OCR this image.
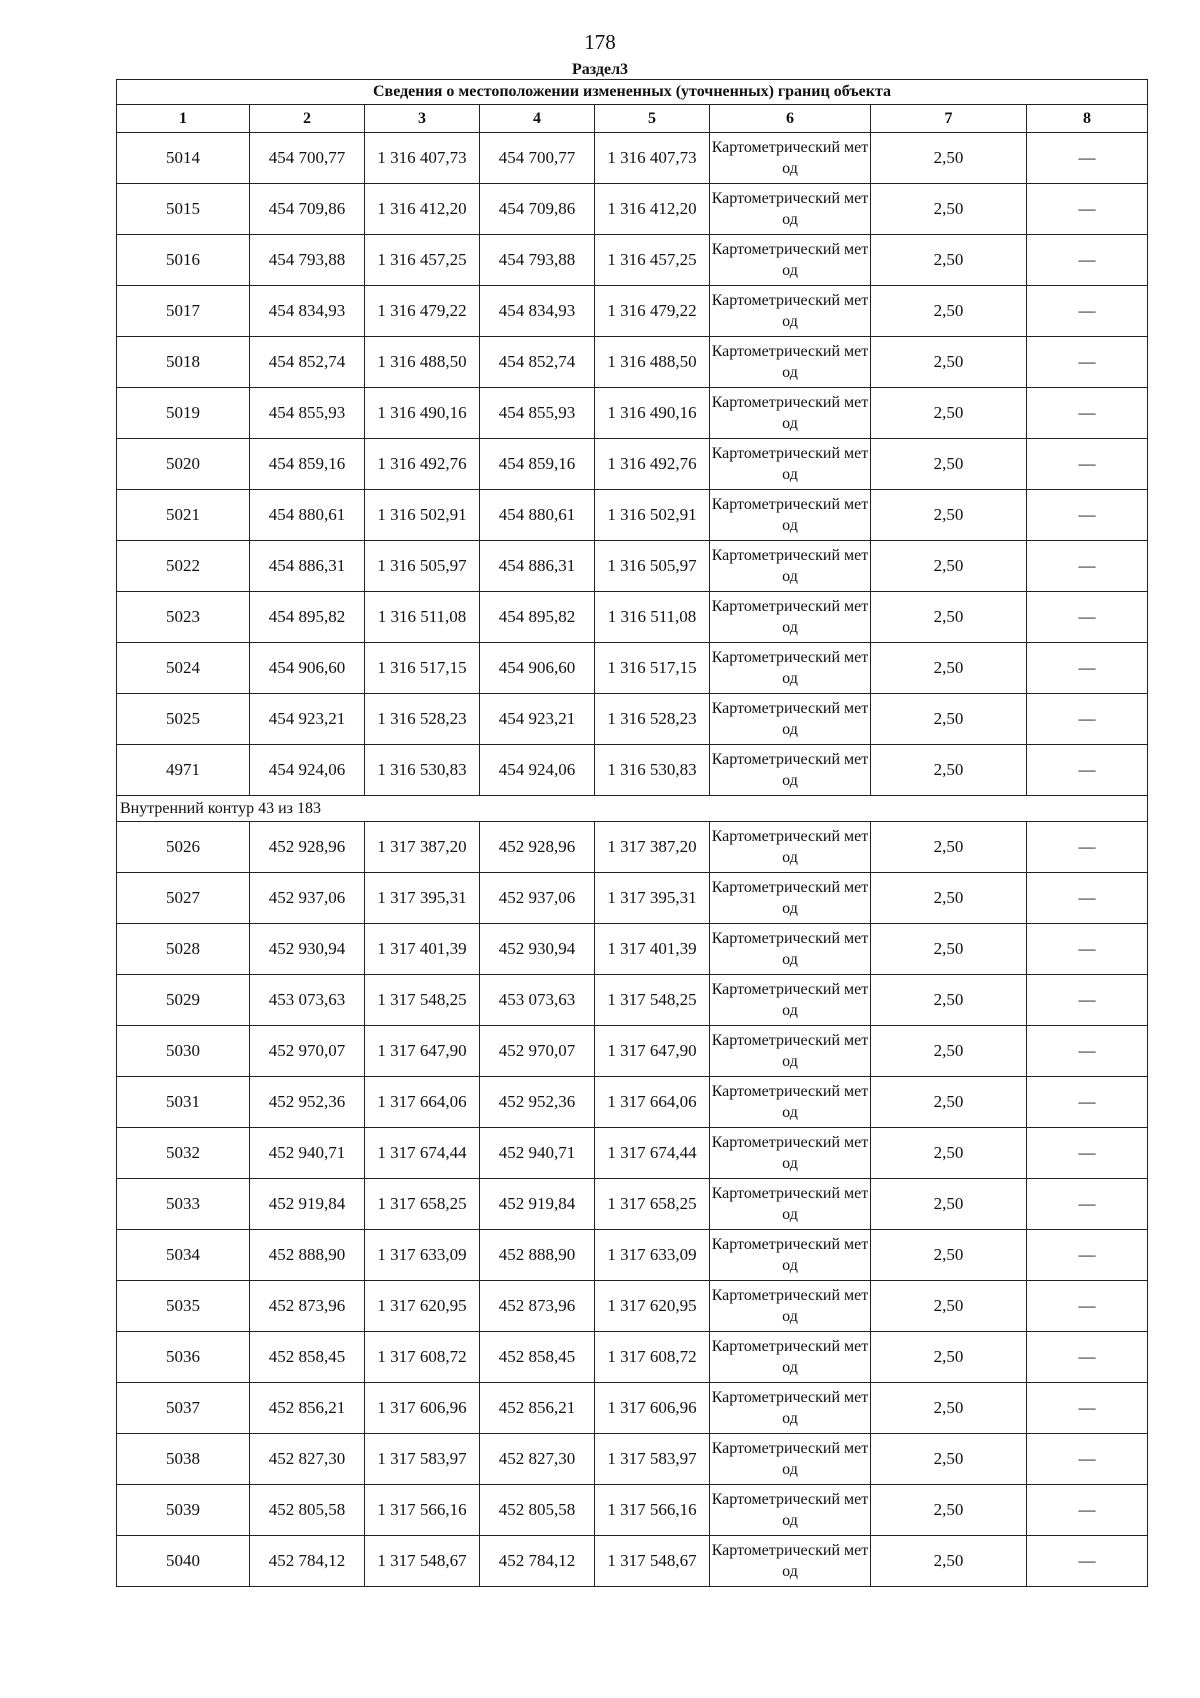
178
Раздел3
Сведения о местоположении измененных (уточненных) границ объекта							
1	2	3	4	5	6	7	8
5014	454 700,77	1 316 407,73	454 700,77	1 316 407,73	Картометрический метод	2,50	—
5015	454 709,86	1 316 412,20	454 709,86	1 316 412,20	Картометрический метод	2,50	—
5016	454 793,88	1 316 457,25	454 793,88	1 316 457,25	Картометрический метод	2,50	—
5017	454 834,93	1 316 479,22	454 834,93	1 316 479,22	Картометрический метод	2,50	—
5018	454 852,74	1 316 488,50	454 852,74	1 316 488,50	Картометрический метод	2,50	—
5019	454 855,93	1 316 490,16	454 855,93	1 316 490,16	Картометрический метод	2,50	—
5020	454 859,16	1 316 492,76	454 859,16	1 316 492,76	Картометрический метод	2,50	—
5021	454 880,61	1 316 502,91	454 880,61	1 316 502,91	Картометрический метод	2,50	—
5022	454 886,31	1 316 505,97	454 886,31	1 316 505,97	Картометрический метод	2,50	—
5023	454 895,82	1 316 511,08	454 895,82	1 316 511,08	Картометрический метод	2,50	—
5024	454 906,60	1 316 517,15	454 906,60	1 316 517,15	Картометрический метод	2,50	—
5025	454 923,21	1 316 528,23	454 923,21	1 316 528,23	Картометрический метод	2,50	—
4971	454 924,06	1 316 530,83	454 924,06	1 316 530,83	Картометрический метод	2,50	—
Внутренний контур 43 из 183							
5026	452 928,96	1 317 387,20	452 928,96	1 317 387,20	Картометрический метод	2,50	—
5027	452 937,06	1 317 395,31	452 937,06	1 317 395,31	Картометрический метод	2,50	—
5028	452 930,94	1 317 401,39	452 930,94	1 317 401,39	Картометрический метод	2,50	—
5029	453 073,63	1 317 548,25	453 073,63	1 317 548,25	Картометрический метод	2,50	—
5030	452 970,07	1 317 647,90	452 970,07	1 317 647,90	Картометрический метод	2,50	—
5031	452 952,36	1 317 664,06	452 952,36	1 317 664,06	Картометрический метод	2,50	—
5032	452 940,71	1 317 674,44	452 940,71	1 317 674,44	Картометрический метод	2,50	—
5033	452 919,84	1 317 658,25	452 919,84	1 317 658,25	Картометрический метод	2,50	—
5034	452 888,90	1 317 633,09	452 888,90	1 317 633,09	Картометрический метод	2,50	—
5035	452 873,96	1 317 620,95	452 873,96	1 317 620,95	Картометрический метод	2,50	—
5036	452 858,45	1 317 608,72	452 858,45	1 317 608,72	Картометрический метод	2,50	—
5037	452 856,21	1 317 606,96	452 856,21	1 317 606,96	Картометрический метод	2,50	—
5038	452 827,30	1 317 583,97	452 827,30	1 317 583,97	Картометрический метод	2,50	—
5039	452 805,58	1 317 566,16	452 805,58	1 317 566,16	Картометрический метод	2,50	—
5040	452 784,12	1 317 548,67	452 784,12	1 317 548,67	Картометрический метод	2,50	—
